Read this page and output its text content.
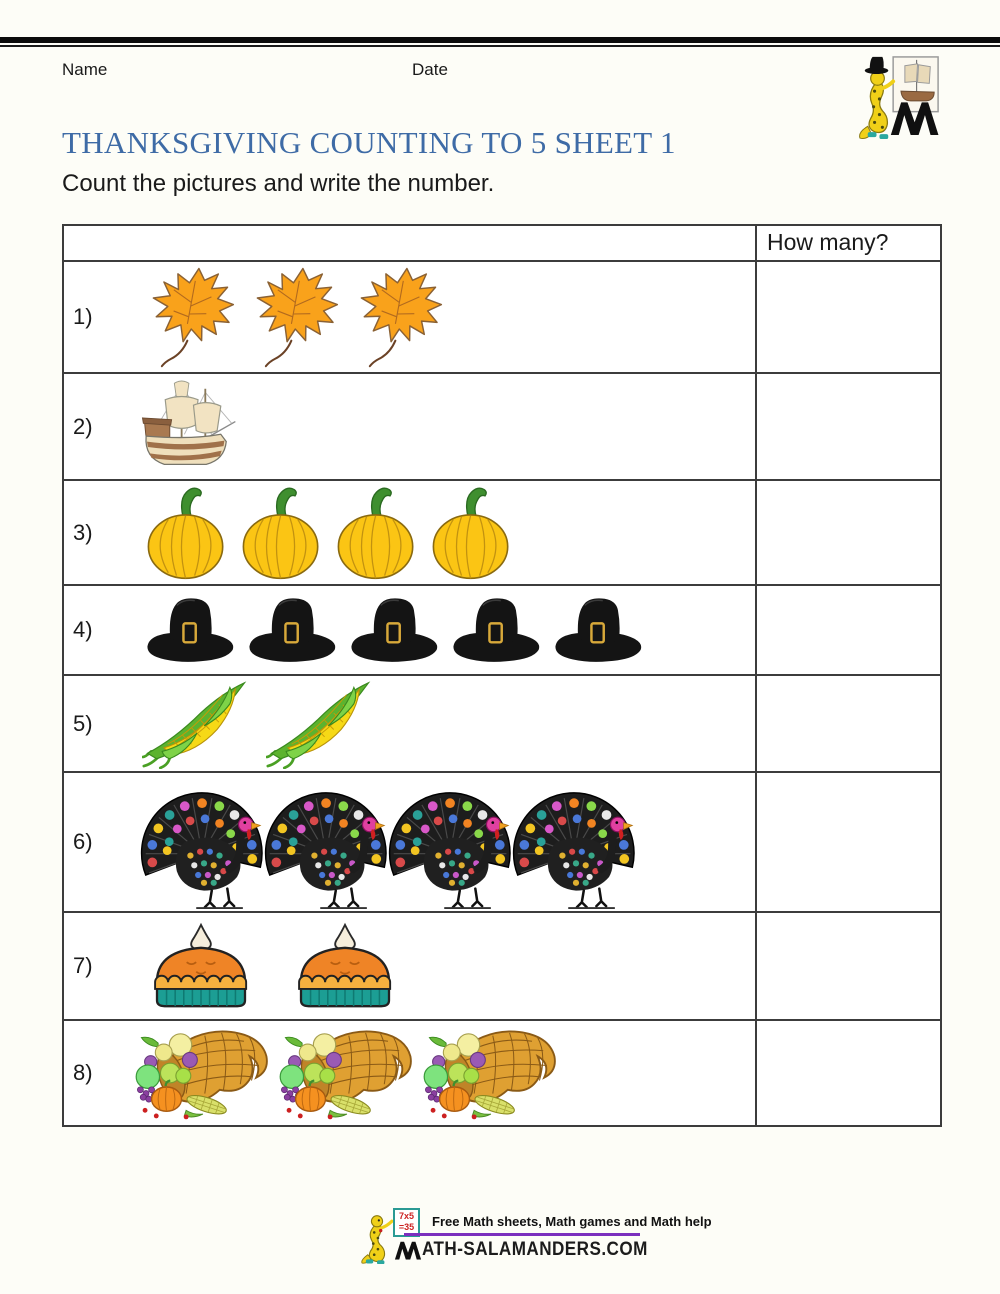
Name	Date
THANKSGIVING COUNTING TO 5 SHEET 1
Count the pictures and write the number.
How many?
1)
2)
3)
4)
5)
6)
7)
8)
7x5
=35 Free Math sheets, Math games and Math help
ATH-SALAMANDERS.COM
